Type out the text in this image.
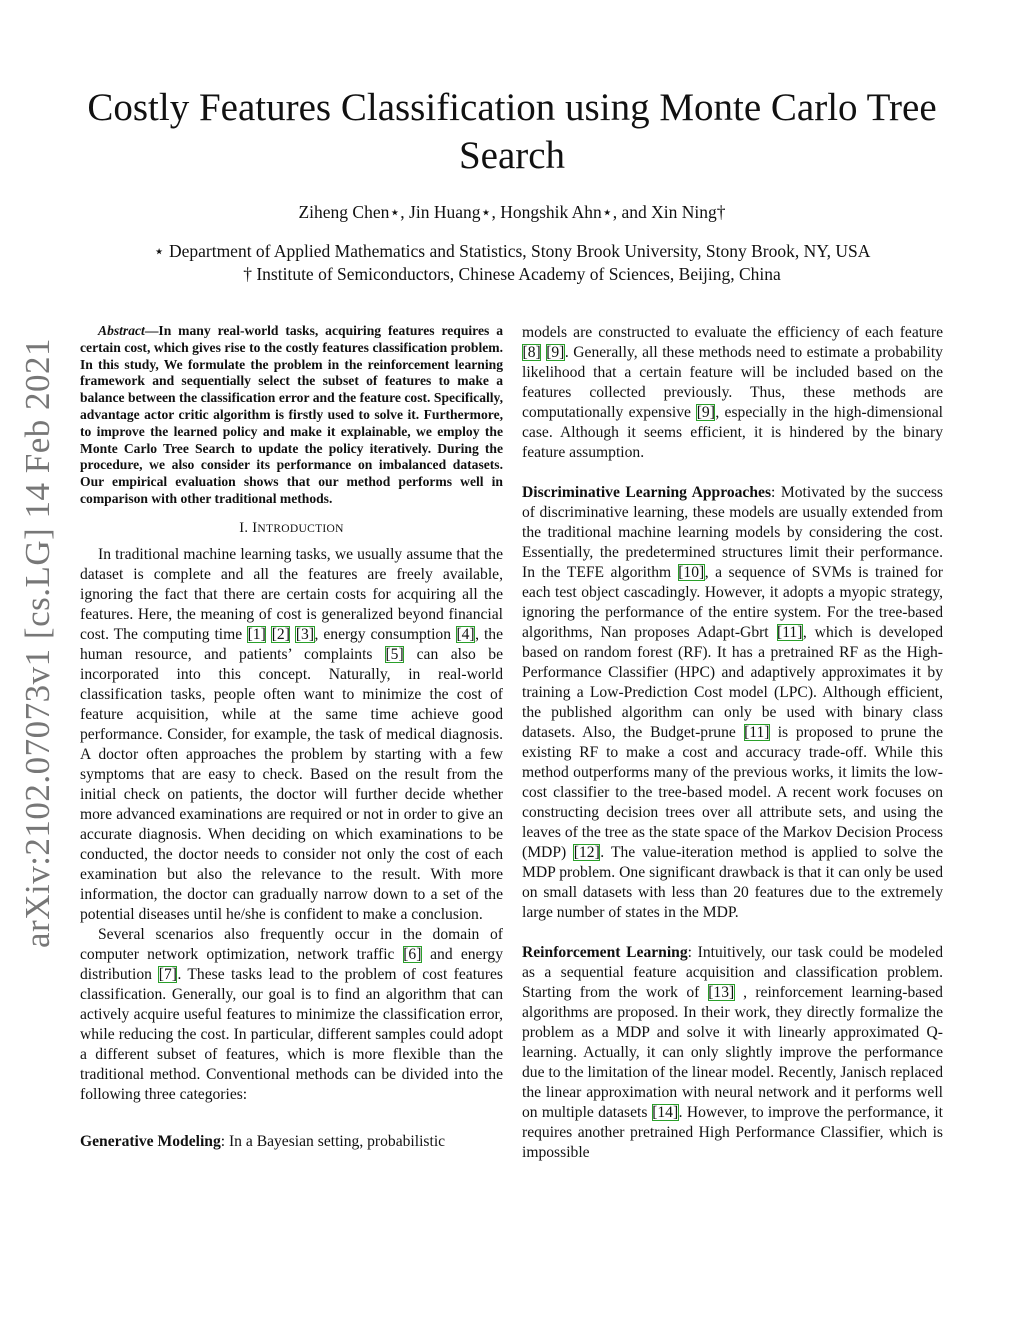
arXiv:2102.07073v1 [cs.LG] 14 Feb 2021
Costly Features Classification using Monte Carlo Tree Search
Ziheng Chen⋆, Jin Huang⋆, Hongshik Ahn⋆, and Xin Ning†
⋆ Department of Applied Mathematics and Statistics, Stony Brook University, Stony Brook, NY, USA
† Institute of Semiconductors, Chinese Academy of Sciences, Beijing, China

Abstract—In many real-world tasks, acquiring features requires a certain cost, which gives rise to the costly features classification problem. In this study, We formulate the problem in the reinforcement learning framework and sequentially select the subset of features to make a balance between the classification error and the feature cost. Specifically, advantage actor critic algorithm is firstly used to solve it. Furthermore, to improve the learned policy and make it explainable, we employ the Monte Carlo Tree Search to update the policy iteratively. During the procedure, we also consider its performance on imbalanced datasets. Our empirical evaluation shows that our method performs well in comparison with other traditional methods.

I. INTRODUCTION

In traditional machine learning tasks, we usually assume that the dataset is complete and all the features are freely available, ignoring the fact that there are certain costs for acquiring all the features. Here, the meaning of cost is generalized beyond financial cost. The computing time [1] [2] [3], energy consumption [4], the human resource, and patients’ complaints [5] can also be incorporated into this concept. Naturally, in real-world classification tasks, people often want to minimize the cost of feature acquisition, while at the same time achieve good performance. Consider, for example, the task of medical diagnosis. A doctor often approaches the problem by starting with a few symptoms that are easy to check. Based on the result from the initial check on patients, the doctor will further decide whether more advanced examinations are required or not in order to give an accurate diagnosis. When deciding on which examinations to be conducted, the doctor needs to consider not only the cost of each examination but also the relevance to the result. With more information, the doctor can gradually narrow down to a set of the potential diseases until he/she is confident to make a conclusion.

Several scenarios also frequently occur in the domain of computer network optimization, network traffic [6] and energy distribution [7]. These tasks lead to the problem of cost features classification. Generally, our goal is to find an algorithm that can actively acquire useful features to minimize the classification error, while reducing the cost. In particular, different samples could adopt a different subset of features, which is more flexible than the traditional method. Conventional methods can be divided into the following three categories:

Generative Modeling: In a Bayesian setting, probabilistic

models are constructed to evaluate the efficiency of each feature [8] [9]. Generally, all these methods need to estimate a probability likelihood that a certain feature will be included based on the features collected previously. Thus, these methods are computationally expensive [9], especially in the high-dimensional case. Although it seems efficient, it is hindered by the binary feature assumption.

Discriminative Learning Approaches: Motivated by the success of discriminative learning, these models are usually extended from the traditional machine learning models by considering the cost. Essentially, the predetermined structures limit their performance. In the TEFE algorithm [10], a sequence of SVMs is trained for each test object cascadingly. However, it adopts a myopic strategy, ignoring the performance of the entire system. For the tree-based algorithms, Nan proposes Adapt-Gbrt [11], which is developed based on random forest (RF). It has a pretrained RF as the High-Performance Classifier (HPC) and adaptively approximates it by training a Low-Prediction Cost model (LPC). Although efficient, the published algorithm can only be used with binary class datasets. Also, the Budget-prune [11] is proposed to prune the existing RF to make a cost and accuracy trade-off. While this method outperforms many of the previous works, it limits the low-cost classifier to the tree-based model. A recent work focuses on constructing decision trees over all attribute sets, and using the leaves of the tree as the state space of the Markov Decision Process (MDP) [12]. The value-iteration method is applied to solve the MDP problem. One significant drawback is that it can only be used on small datasets with less than 20 features due to the extremely large number of states in the MDP.

Reinforcement Learning: Intuitively, our task could be modeled as a sequential feature acquisition and classification problem. Starting from the work of [13] , reinforcement learning-based algorithms are proposed. In their work, they directly formalize the problem as a MDP and solve it with linearly approximated Q-learning. Actually, it can only slightly improve the performance due to the limitation of the linear model. Recently, Janisch replaced the linear approximation with neural network and it performs well on multiple datasets [14]. However, to improve the performance, it requires another pretrained High Performance Classifier, which is impossible
